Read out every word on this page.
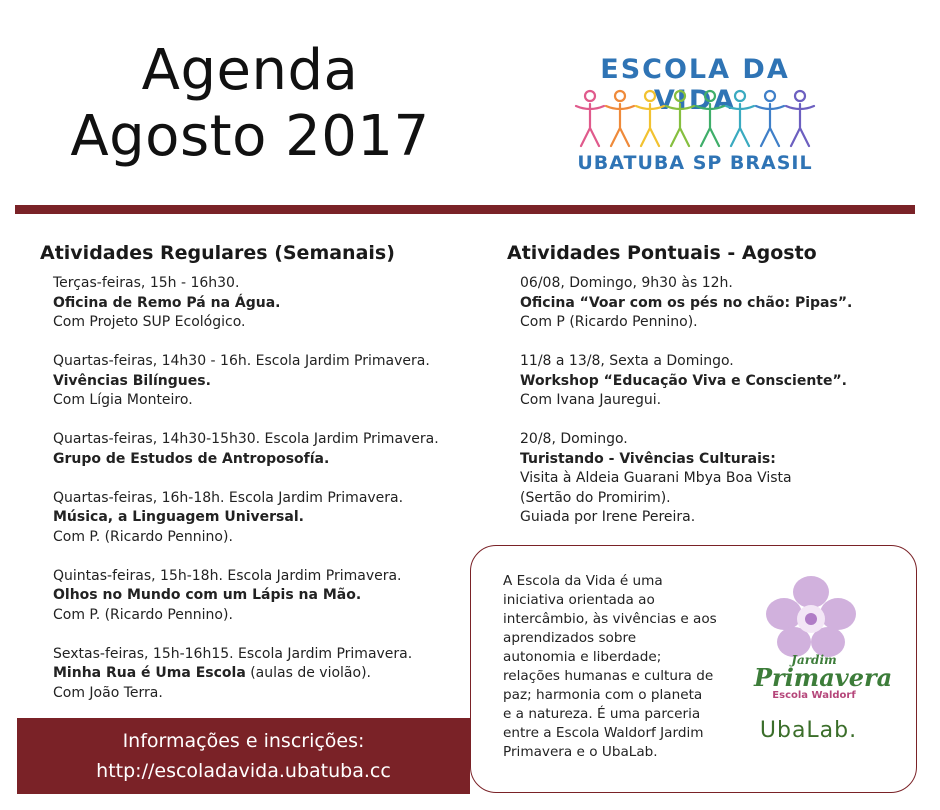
Agenda
Agosto 2017
ESCOLA DA VIDA
UBATUBA SP BRASIL
Atividades Regulares (Semanais)	Atividades Pontuais - Agosto
Terças-feiras, 15h - 16h30.
Oficina de Remo Pá na Água.
Com Projeto SUP Ecológico.
Quartas-feiras, 14h30 - 16h. Escola Jardim Primavera.
Vivências Bilíngues.
Com Lígia Monteiro.
Quartas-feiras, 14h30-15h30. Escola Jardim Primavera.
Grupo de Estudos de Antroposofía.
Quartas-feiras, 16h-18h. Escola Jardim Primavera.
Música, a Linguagem Universal.
Com P. (Ricardo Pennino).
Quintas-feiras, 15h-18h. Escola Jardim Primavera.
Olhos no Mundo com um Lápis na Mão.
Com P. (Ricardo Pennino).
Sextas-feiras, 15h-16h15. Escola Jardim Primavera.
Minha Rua é Uma Escola (aulas de violão).
Com João Terra.
06/08, Domingo, 9h30 às 12h.
Oficina “Voar com os pés no chão: Pipas”.
Com P (Ricardo Pennino).
11/8 a 13/8, Sexta a Domingo.
Workshop “Educação Viva e Consciente”.
Com Ivana Jauregui.
20/8, Domingo.
Turistando - Vivências Culturais:
Visita à Aldeia Guarani Mbya Boa Vista
(Sertão do Promirim).
Guiada por Irene Pereira.
Informações e inscrições:
http://escoladavida.ubatuba.cc
A Escola da Vida é uma
iniciativa orientada ao
intercâmbio, às vivências e aos
aprendizados sobre
autonomia e liberdade;
relações humanas e cultura de
paz; harmonia com o planeta
e a natureza. É uma parceria
entre a Escola Waldorf Jardim
Primavera e o UbaLab.
Jardim
Primavera
Escola Waldorf
UbaLab.
